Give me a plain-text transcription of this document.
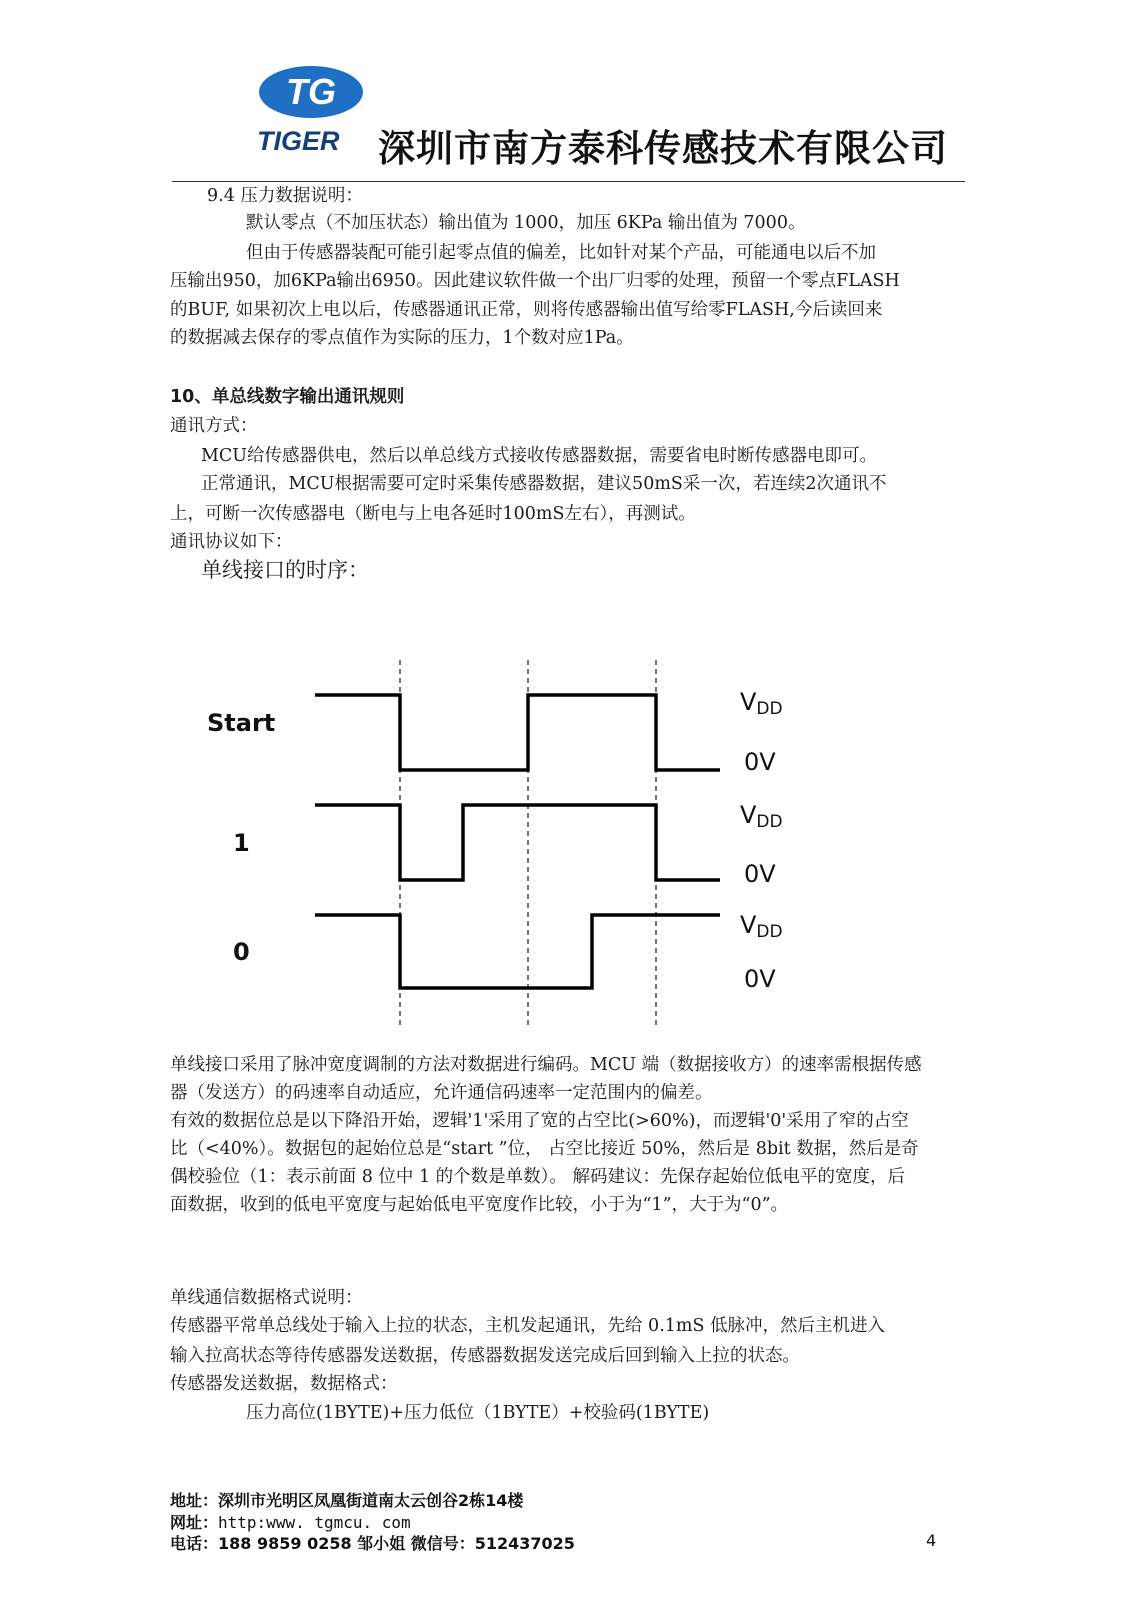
TG
TIGER 深圳市南方泰科传感技术有限公司
9.4 压力数据说明：
默认零点（不加压状态）输出值为 1000，加压 6KPa 输出值为 7000。
但由于传感器装配可能引起零点值的偏差，比如针对某个产品，可能通电以后不加
压输出950，加6KPa输出6950。因此建议软件做一个出厂归零的处理，预留一个零点FLASH
的BUF, 如果初次上电以后，传感器通讯正常，则将传感器输出值写给零FLASH,今后读回来
的数据减去保存的零点值作为实际的压力，1个数对应1Pa。
10、单总线数字输出通讯规则
通讯方式：
MCU给传感器供电，然后以单总线方式接收传感器数据，需要省电时断传感器电即可。
正常通讯，MCU根据需要可定时采集传感器数据，建议50mS采一次，若连续2次通讯不
上，可断一次传感器电（断电与上电各延时100mS左右），再测试。
通讯协议如下：
单线接口的时序：
Start
1
0
VDD
0V
VDD
0V
VDD
0V
单线接口采用了脉冲宽度调制的方法对数据进行编码。MCU 端（数据接收方）的速率需根据传感
器（发送方）的码速率自动适应，允许通信码速率一定范围内的偏差。
有效的数据位总是以下降沿开始，逻辑'1'采用了宽的占空比(>60%)，而逻辑'0'采用了窄的占空
比（<40%）。数据包的起始位总是“start ”位， 占空比接近 50%，然后是 8bit 数据，然后是奇
偶校验位（1：表示前面 8 位中 1 的个数是单数）。 解码建议：先保存起始位低电平的宽度，后
面数据，收到的低电平宽度与起始低电平宽度作比较，小于为“1”，大于为“0”。
单线通信数据格式说明：
传感器平常单总线处于输入上拉的状态，主机发起通讯，先给 0.1mS 低脉冲，然后主机进入
输入拉高状态等待传感器发送数据，传感器数据发送完成后回到输入上拉的状态。
传感器发送数据，数据格式：
压力高位(1BYTE)+压力低位（1BYTE）+校验码(1BYTE)
地址：深圳市光明区凤凰街道南太云创谷2栋14楼
网址：http:www. tgmcu. com
电话：188 9859 0258 邹小姐 微信号：512437025	4
